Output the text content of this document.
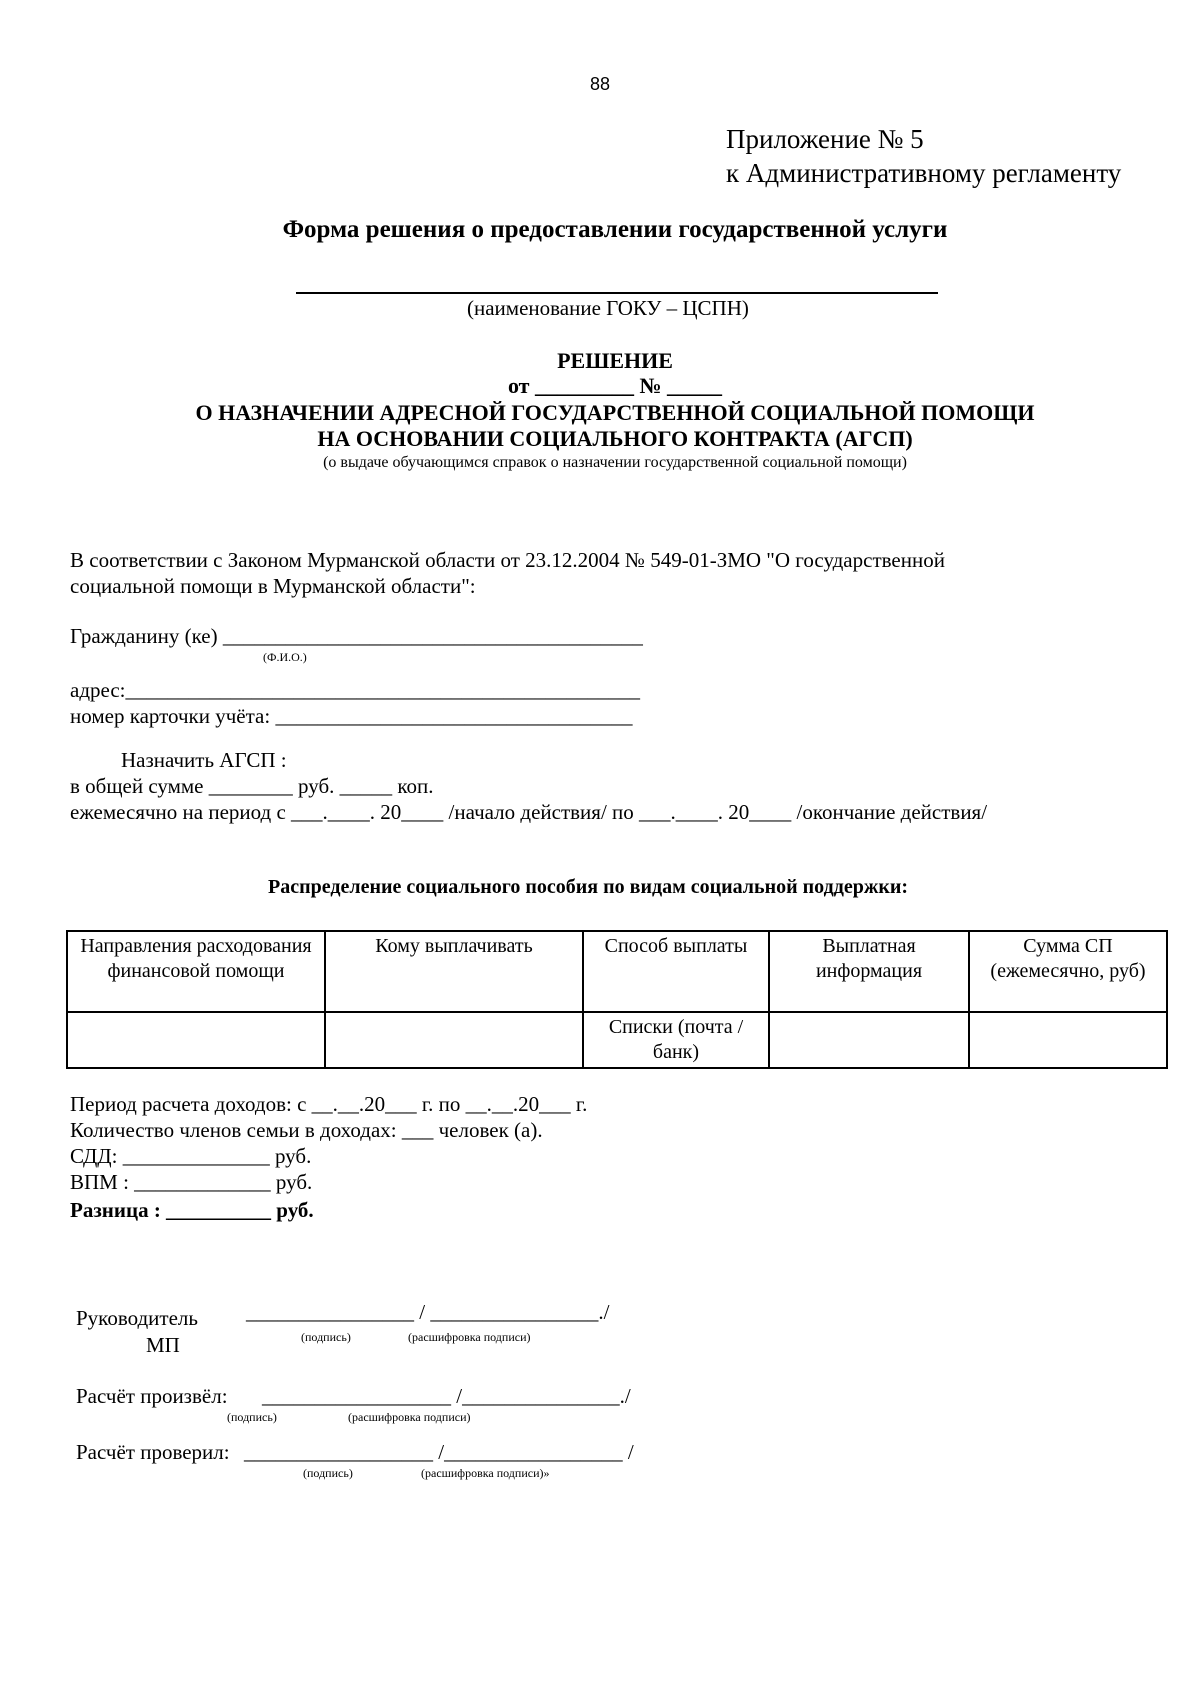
88
Приложение № 5
к Административному регламенту
Форма решения о предоставлении государственной услуги
(наименование ГОКУ – ЦСПН)
РЕШЕНИЕ
от _________ № _____
О НАЗНАЧЕНИИ АДРЕСНОЙ ГОСУДАРСТВЕННОЙ СОЦИАЛЬНОЙ ПОМОЩИ
НА ОСНОВАНИИ СОЦИАЛЬНОГО КОНТРАКТА (АГСП)
(о выдаче обучающимся справок о назначении государственной социальной помощи)
В соответствии с Законом Мурманской области от 23.12.2004 № 549-01-ЗМО "О государственной
социальной помощи в Мурманской области":
Гражданину (ке) ________________________________________
(Ф.И.О.)
адрес:_________________________________________________
номер карточки учёта: __________________________________
Назначить АГСП :
в общей сумме ________ руб. _____ коп.
ежемесячно на период с ___.____. 20____ /начало действия/ по ___.____. 20____ /окончание действия/
Распределение социального пособия по видам социальной поддержки:
Направления расходования финансовой помощи	Кому выплачивать	Способ выплаты	Выплатная информация	Сумма СП (ежемесячно, руб)
		Списки (почта / банк)		
Период расчета доходов: с __.__.20___ г. по __.__.20___ г.
Количество членов семьи в доходах: ___ человек (а).
СДД: ______________ руб.
ВПМ : _____________ руб.
Разница : __________ руб.
Руководитель ________________ / ________________./
МП	(подпись)	(расшифровка подписи)
Расчёт произвёл: __________________ /_______________./
(подпись)	(расшифровка подписи)
Расчёт проверил: __________________ /_________________ /
(подпись)	(расшифровка подписи)»
